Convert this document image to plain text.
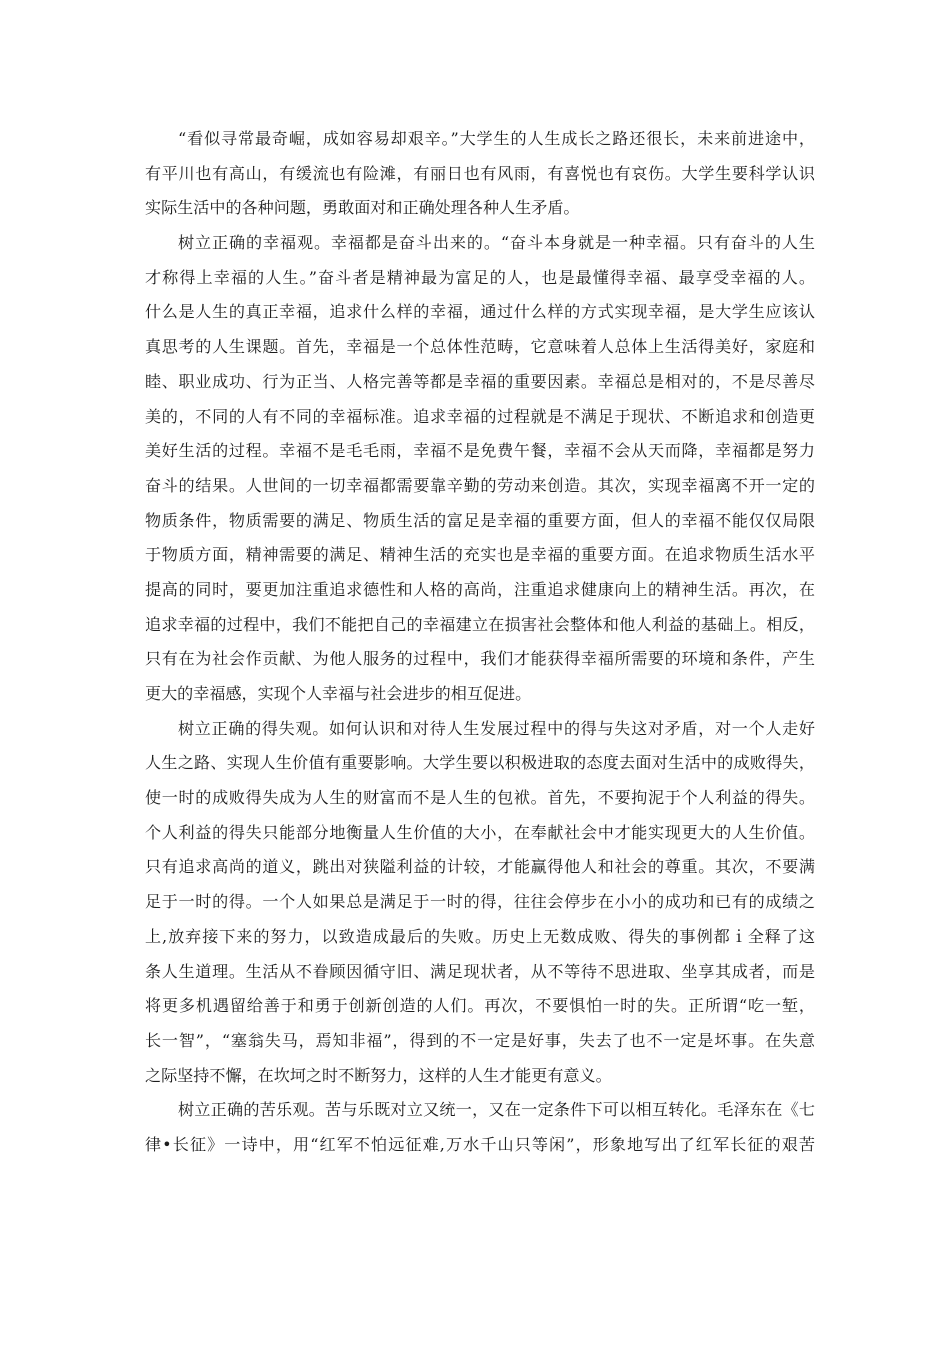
“看似寻常最奇崛，成如容易却艰辛。”大学生的人生成长之路还很长，未来前进途中，
有平川也有高山，有缓流也有险滩，有丽日也有风雨，有喜悦也有哀伤。大学生要科学认识
实际生活中的各种问题，勇敢面对和正确处理各种人生矛盾。
树立正确的幸福观。幸福都是奋斗出来的。“奋斗本身就是一种幸福。只有奋斗的人生
才称得上幸福的人生。”奋斗者是精神最为富足的人，也是最懂得幸福、最享受幸福的人。
什么是人生的真正幸福，追求什么样的幸福，通过什么样的方式实现幸福，是大学生应该认
真思考的人生课题。首先，幸福是一个总体性范畴，它意味着人总体上生活得美好，家庭和
睦、职业成功、行为正当、人格完善等都是幸福的重要因素。幸福总是相对的，不是尽善尽
美的，不同的人有不同的幸福标准。追求幸福的过程就是不满足于现状、不断追求和创造更
美好生活的过程。幸福不是毛毛雨，幸福不是免费午餐，幸福不会从天而降，幸福都是努力
奋斗的结果。人世间的一切幸福都需要靠辛勤的劳动来创造。其次，实现幸福离不开一定的
物质条件，物质需要的满足、物质生活的富足是幸福的重要方面，但人的幸福不能仅仅局限
于物质方面，精神需要的满足、精神生活的充实也是幸福的重要方面。在追求物质生活水平
提高的同时，要更加注重追求德性和人格的高尚，注重追求健康向上的精神生活。再次，在
追求幸福的过程中，我们不能把自己的幸福建立在损害社会整体和他人利益的基础上。相反，
只有在为社会作贡献、为他人服务的过程中，我们才能获得幸福所需要的环境和条件，产生
更大的幸福感，实现个人幸福与社会进步的相互促进。
树立正确的得失观。如何认识和对待人生发展过程中的得与失这对矛盾，对一个人走好
人生之路、实现人生价值有重要影响。大学生要以积极进取的态度去面对生活中的成败得失，
使一时的成败得失成为人生的财富而不是人生的包袱。首先，不要拘泥于个人利益的得失。
个人利益的得失只能部分地衡量人生价值的大小，在奉献社会中才能实现更大的人生价值。
只有追求高尚的道义，跳出对狭隘利益的计较，才能赢得他人和社会的尊重。其次，不要满
足于一时的得。一个人如果总是满足于一时的得，往往会停步在小小的成功和已有的成绩之
上,放弃接下来的努力，以致造成最后的失败。历史上无数成败、得失的事例都ｉ全释了这
条人生道理。生活从不眷顾因循守旧、满足现状者，从不等待不思进取、坐享其成者，而是
将更多机遇留给善于和勇于创新创造的人们。再次，不要惧怕一时的失。正所谓“吃一堑，
长一智”，“塞翁失马，焉知非福”，得到的不一定是好事，失去了也不一定是坏事。在失意
之际坚持不懈，在坎坷之时不断努力，这样的人生才能更有意义。
树立正确的苦乐观。苦与乐既对立又统一，又在一定条件下可以相互转化。毛泽东在《七
律•长征》一诗中，用“红军不怕远征难,万水千山只等闲”，形象地写出了红军长征的艰苦
